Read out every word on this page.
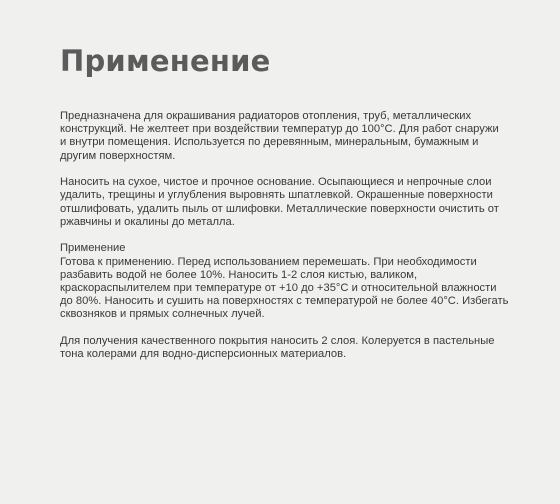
Применение

Предназначена для окрашивания радиаторов отопления, труб, металлических
конструкций. Не желтеет при воздействии температур до 100°С. Для работ снаружи
и внутри помещения. Используется по деревянным, минеральным, бумажным и
другим поверхностям.

Наносить на сухое, чистое и прочное основание. Осыпающиеся и непрочные слои
удалить, трещины и углубления выровнять шпатлевкой. Окрашенные поверхности
отшлифовать, удалить пыль от шлифовки. Металлические поверхности очистить от
ржавчины и окалины до металла.

Применение
Готова к применению. Перед использованием перемешать. При необходимости
разбавить водой не более 10%. Наносить 1-2 слоя кистью, валиком,
краскораспылителем при температуре от +10 до +35°С и относительной влажности
до 80%. Наносить и сушить на поверхностях с температурой не более 40°С. Избегать
сквозняков и прямых солнечных лучей.

Для получения качественного покрытия наносить 2 слоя. Колеруется в пастельные
тона колерами для водно-дисперсионных материалов.
